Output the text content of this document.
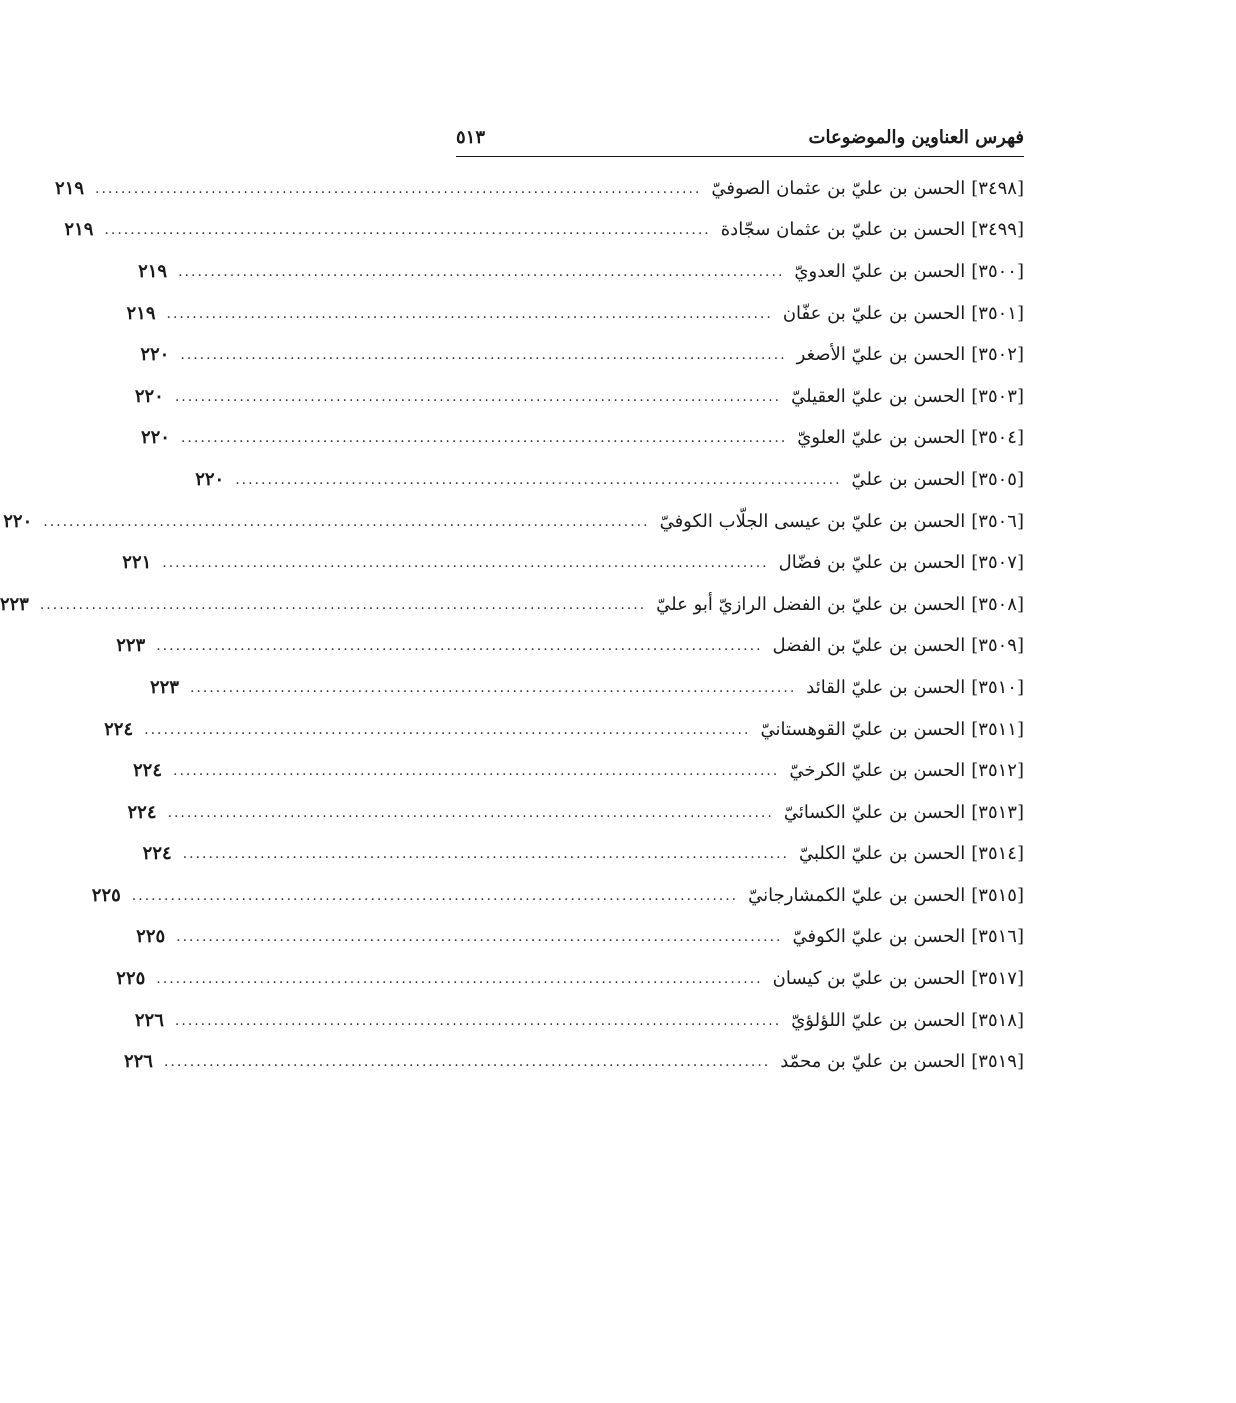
فهرس العناوين والموضوعات
٥١٣
[٣٤٩٨]
الحسن بن عليّ بن عثمان الصوفيّ
..............................................................................................
٢١٩
[٣٤٩٩]
الحسن بن عليّ بن عثمان سجّادة
..............................................................................................
٢١٩
[٣٥٠٠]
الحسن بن عليّ العدويّ
..............................................................................................
٢١٩
[٣٥٠١]
الحسن بن عليّ بن عفّان
..............................................................................................
٢١٩
[٣٥٠٢]
الحسن بن عليّ الأصغر
..............................................................................................
٢٢٠
[٣٥٠٣]
الحسن بن عليّ العقيليّ
..............................................................................................
٢٢٠
[٣٥٠٤]
الحسن بن عليّ العلويّ
..............................................................................................
٢٢٠
[٣٥٠٥]
الحسن بن عليّ
..............................................................................................
٢٢٠
[٣٥٠٦]
الحسن بن عليّ بن عيسى الجلّاب الكوفيّ
..............................................................................................
٢٢٠
[٣٥٠٧]
الحسن بن عليّ بن فضّال
..............................................................................................
٢٢١
[٣٥٠٨]
الحسن بن عليّ بن الفضل الرازيّ أبو عليّ
..............................................................................................
٢٢٣
[٣٥٠٩]
الحسن بن عليّ بن الفضل
..............................................................................................
٢٢٣
[٣٥١٠]
الحسن بن عليّ القائد
..............................................................................................
٢٢٣
[٣٥١١]
الحسن بن عليّ القوهستانيّ
..............................................................................................
٢٢٤
[٣٥١٢]
الحسن بن عليّ الكرخيّ
..............................................................................................
٢٢٤
[٣٥١٣]
الحسن بن عليّ الكسائيّ
..............................................................................................
٢٢٤
[٣٥١٤]
الحسن بن عليّ الكلبيّ
..............................................................................................
٢٢٤
[٣٥١٥]
الحسن بن عليّ الكمشارجانيّ
..............................................................................................
٢٢٥
[٣٥١٦]
الحسن بن عليّ الكوفيّ
..............................................................................................
٢٢٥
[٣٥١٧]
الحسن بن عليّ بن كيسان
..............................................................................................
٢٢٥
[٣٥١٨]
الحسن بن عليّ اللؤلؤيّ
..............................................................................................
٢٢٦
[٣٥١٩]
الحسن بن عليّ بن محمّد
..............................................................................................
٢٢٦
